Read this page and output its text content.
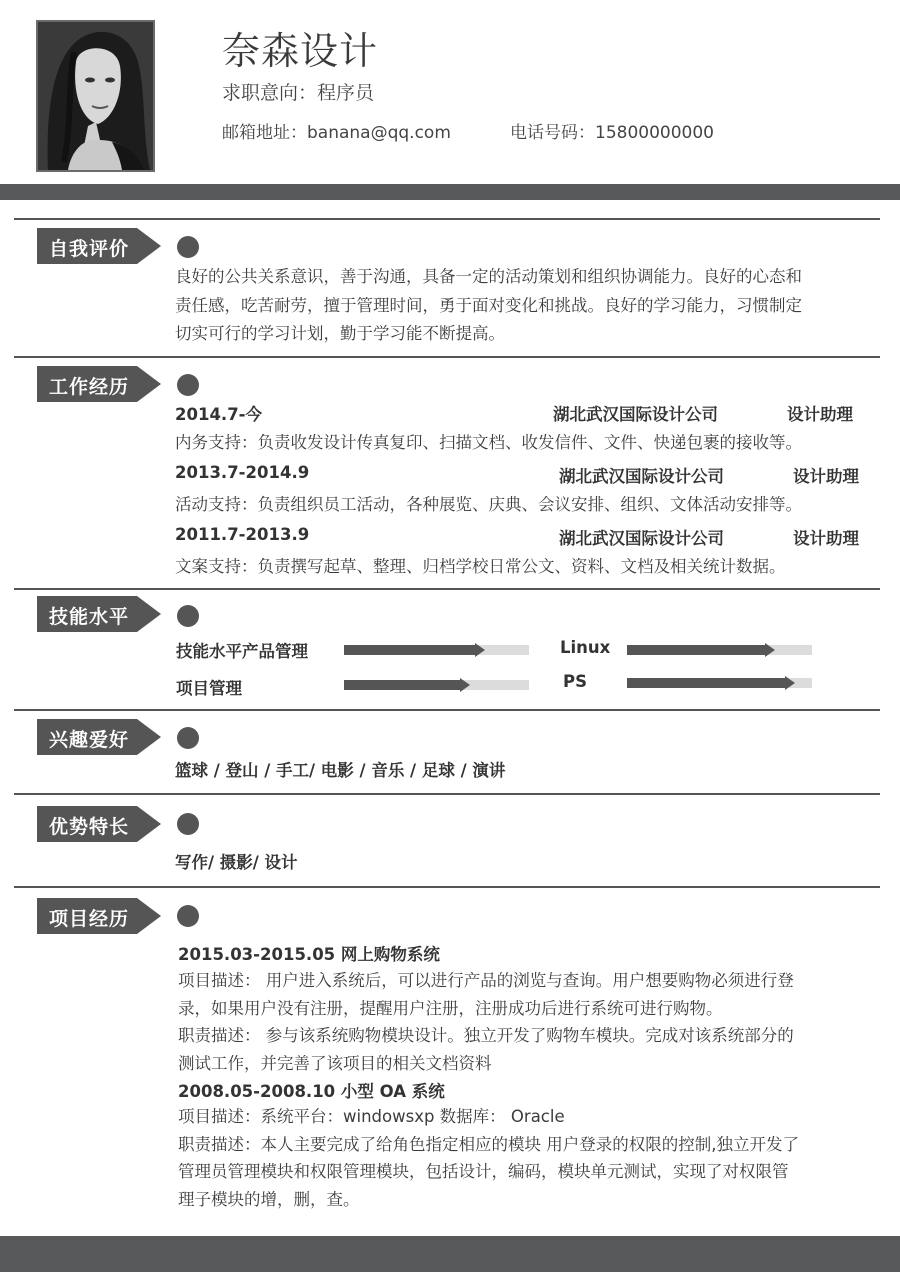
奈森设计
求职意向：程序员
邮箱地址：banana@qq.com	电话号码：15800000000
自我评价
良好的公共关系意识，善于沟通，具备一定的活动策划和组织协调能力。良好的心态和
责任感，吃苦耐劳，擅于管理时间，勇于面对变化和挑战。良好的学习能力，习惯制定
切实可行的学习计划，勤于学习能不断提高。
工作经历
2014.7-今	湖北武汉国际设计公司	设计助理
内务支持：负责收发设计传真复印、扫描文档、收发信件、文件、快递包裹的接收等。
2013.7-2014.9	湖北武汉国际设计公司	设计助理
活动支持：负责组织员工活动，各种展览、庆典、会议安排、组织、文体活动安排等。
2011.7-2013.9	湖北武汉国际设计公司	设计助理
文案支持：负责撰写起草、整理、归档学校日常公文、资料、文档及相关统计数据。
技能水平
技能水平产品管理	Linux
项目管理	PS
兴趣爱好
篮球 / 登山 / 手工/ 电影 / 音乐 / 足球 / 演讲
优势特长
写作/ 摄影/ 设计
项目经历
2015.03-2015.05 网上购物系统
项目描述： 用户进入系统后，可以进行产品的浏览与查询。用户想要购物必须进行登
录，如果用户没有注册，提醒用户注册，注册成功后进行系统可进行购物。
职责描述： 参与该系统购物模块设计。独立开发了购物车模块。完成对该系统部分的
测试工作，并完善了该项目的相关文档资料
2008.05-2008.10 小型 OA 系统
项目描述：系统平台：windowsxp 数据库： Oracle
职责描述：本人主要完成了给角色指定相应的模块 用户登录的权限的控制,独立开发了
管理员管理模块和权限管理模块，包括设计，编码，模块单元测试，实现了对权限管
理子模块的增，删，查。
